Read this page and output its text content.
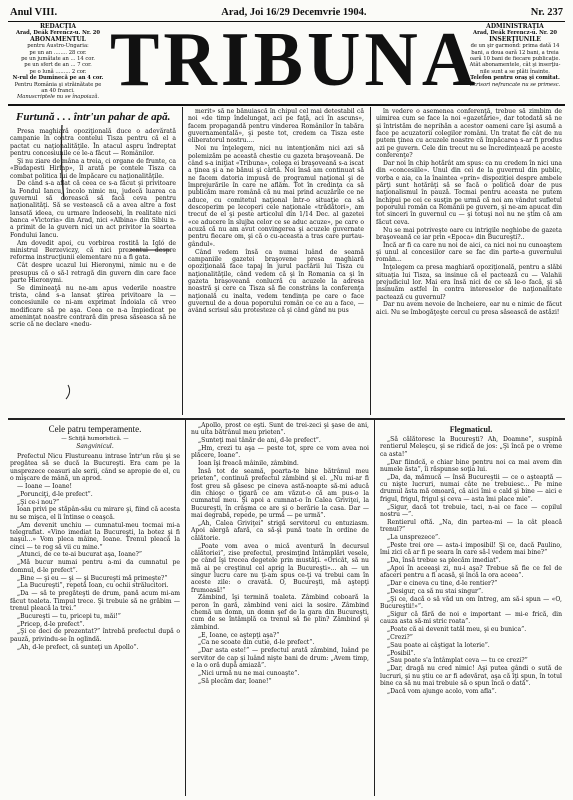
Anul VIII.	Arad, Joi 16/29 Decemvrie 1904.	Nr. 237
REDACŢIA
Arad, Deák Ferencz-u. Nr. 20
ABONAMENTUL
pentru Austro-Ungaria:
pe un an ........ 28 cor.
pe un jumătate an ... 14 cor.
pe un sfert de an ... 7 cor.
pe o lună ......... 2 cor.
N-rul de Duminecă pe an 4 cor.
Pentru România şi străinătate pe
an 40 franci.
Manuscriptele nu se înapoiază. TRIBUNA	ADMINISTRAŢIA
Arad, Deák Ferencz-u. Nr. 20
INSERŢIUNILE
de un şir garmond: prima dată 14
bani, a doua oară 12 bani, a treia
oară 10 bani de fiecare publicaţie.
Atât abonamentele, cât şi inserţiu-
nile sunt a se plăti înainte.
Telefon pentru oraş şi comitat.
Scrisori nefrancate nu se primesc.
Furtună . . . într'un pahar de apă.

Presa maghiară opoziţională duce o adevărată campanie în contra contelui Tisza pentru că el a pactat cu naţionalităţile. În atacul aspru îndreptat pentru concesiunile ce le-a făcut — Românilor.

Şi nu ziare de mâna a treia, ci organe de frunte, ca «Budapesti Hirlap», îl arată pe contele Tisza ca combat politica lui de împăcare cu naţionalităţile.

De când s-a aflat că ceea ce s-a făcut şi privitoare la Fondul Iancu, încolo nimic nu, judecă luarea ca guvernul să dorească să facă ceva pentru naţionalităţi. Să se vestească că a avea altre a fost lansată ideea, cu urmare îndeosebi, în realitate nici banca «Victoria» din Arad, nici «Albina» din Sibiu n-a primit de la guvern nici un act privitor la soartea Fondului Iancu.

Am dovedit apoi, cu vorbirea rostită la Igló de ministrul Berzeviczy, că nici prezentul despre reforma instrucţiunii elementare nu a fi gata.

Cât despre ucazul lui Hieronymi, nimic nu e de presupus că o să-l retragă din guvern din care face parte Hieronymi.

Se dimineaţă nu ne-am apus vederile noastre trista, când s-a lansat ştirea privitoare la — concesiunile ce ni-am exprimat îndoiala că vreo modificare să pe aşa. Ceea ce n-a împiedicat pe ameninţat noastre contrară din presa săseasca să ne scrie că ne declare «nedu-

merit» să ne bănuiască în chipul cel mai detestabil că noi «de timp îndelungat, aci pe faţă, aci în ascuns», facem propagandă pentru vinderea Românilor în tabăra guvernamentală», şi peste tot, credem ca Tisza este eliberatorul nostru....

Noi nu înţelegem, nici nu intenţionăm nici azi să polemizăm pe această chestie cu gazeta braşoveană. De când s-a iniţiat «Tribuna», colega ei braşoveană s-a iscat a ţinea şi a ne bănui şi cârtă. Noi însă am continuat să ne facem datoria impusă de programul naţional şi de împrejurările în care ne aflăm. Tot în credinţa ca să publicăm mare română că nu mai prind acuzările ce ne aduce, cu comitetul naţional într-o situaţie ca să descoperim pe lecoperi cele naţionale «trădători», am trecut de el şi peste articolul din 1/14 Dec. al gazetei «ce aducere în slujba celor ce se aduc acuze», pe care o acuză că nu am avut convingerea şi acuzele guvernate pentru fiecare om, şi că o cu-aceasta a tras care purtau-gândul».

Când vedem însă ca numai luând de seamă campaniile gazetei braşovene presa maghiară opoziţională face tapaj în jurul pactării lui Tisza cu naţionalităţile, când vedem că şi în Romania ca şi în gazeta braşoveană conlucră cu acuzele la adresa noastră şi cere ca Tisza să fie constrâns la conferenţa naţională cu inalta, vedem tendinţa pe care o face guvernul de a doua poporului român ce ce au a face, — având scrisul său protesteze că şi când gând nu pus

în vedere o asemenea conferenţă, trebue să zimbim de uimirea cum se face la noi «gazetărie», dar totodată să ne şi întristăm de neprihăn a acestor oameni care îşi asumă a face pe acuzatorii colegilor români. Un tratat fie cât de nu putem ţinea cu acuzele noastre că împăcarea s-ar fi produs azi pe guvern. Cele din trecut nu se încredinţează pe aceste conferenţe?

Dar noi în chip hotărât am spus: ca nu credem în nici una din «concesiile». Unul din cei de la guvernul din public, vorba e aia, ca la înaintea «prin» dispoziţiei despre ambele părţi sunt hotărâţi să se facă o politică doar de pus naţionalismul în pauză. Tocmai pentru aceasta ne putem închipui pe cei ce susţin pe urmă că noi am vândut sufletul poporului român ca Românii pe guvern, şi ne-am apucat din tot sinceri în guvernul cu — şi totuşi noi nu ne ştim că am făcut ceva.

Nu se mai potriveşte oare cu intrigile neghiobe de gazeta braşoveană ce iar prin «Epoca» din Bucureşti?..

Încă ar fi ca care nu noi de aici, ca nici noi nu cunoaştem şi unul al concesiilor care se fac din parte-a guvernului român...

Înţelegem ca presa maghiară opoziţională, pentru a slăbi situaţia lui Tisza, sa insinue că el pactează cu — Valahii prejudiciul lor. Mai era însă nici de ce să le-o facă, şi să insinuăm astfel în contra intereselor de naţionalitate pactează cu guvernul?

Dar nu avem nevoie de încheiere, ear nu e nimic de făcut aici. Nu se îmbogăţeşte cercul cu presa săsească de astăzi!

Cele patru temperamente.
— Schiţă humoristică. —
Sangvinicul.

Prefectul Nicu Flustureanu intrase într'un rău şi se pregătea să se ducă la Bucureşti. Era cam pe la unsprezece ceasuri ale serii, când se apropie de el, cu o mişcare de mână, un aprod.

— Ioane — Ioane!

„Porunciţi, d-le prefect”.

„Şi ce-i nou?”

Ioan privi pe stăpân-său cu mirare şi, fiind că acesta nu se mişca, el îi întinse o ceaşcă.

„Am devenit unchiu — cumnatul-meu tocmai mi-a telegrafiat. «Vino imediat la Bucureşti, la botez şi fi naşul...» Vom pleca mâine, Ioane. Trenul pleacă la cinci — te rog să vii cu mine.”

„Atunci, de ce te-ai bucurat aşa, Ioane?”

„Mă bucur numai pentru a-mi da cumnatul pe domnul, d-le prefect”.

„Bine — şi eu — şi — şi Bucureşti mă primeşte?”

„La Bucureşti”, repetă Ioan, cu ochii strălucitori.

„Da — să te pregăteşti de drum, pană acum mi-am făcut toaleta. Timpul trece. Şi trebuie să ne grăbim — trenul pleacă la trei.”

„Bucureşti — tu, pricepi tu, măi!”

„Pricep, d-le prefect”.

„Şi ce deci de prezentat?” întrebă prefectul după o pauză, privindu-se în oglindă.

„Ah, d-le prefect, că sunteţi un Apollo”.

„Apollo, prost ce eşti. Sunt de trei-zeci şi şase de ani, nu uita bătrânul meu prieten”.

„Sunteţi mai tânăr de ani, d-le prefect”.

„Hm, crezi tu aşa — peste tot, spre ce vom avea noi plăcere, Ioane”.

Ioan îşi freacă mâinile, zâmbind.

Însă tot de seamă, poarta-te bine bătrânul meu prieten”, continuă prefectul zâmbind şi el. „Nu mi-ar fi fost greu să găsesc pe cineva astă-noapte să-mi aducă din chioşc o ţigară ce am văzut-o că am pus-o la cumnatul meu. Şi apoi a cumnat-o în Calea Griviţei, la Bucureşti, în crâşma ce are şi o berărie la casa. Dar — mai degrabă, repede, pe urmă — pe urmă”.

„Ah, Calea Griviţei” strigă servitorul cu entuziasm. Apoi alergă afară, ca să-şi pună toate în ordine de călătorie.

„Poate vom avea o mică aventură în decursul călătoriei”, zise prefectul, presimţind întâmplări vesele, pe când îşi trecea degetele prin mustăţi. «Oricât, să nu mă ai pe creştinul cel aprig la Bucureşti»... ah — un singur lucru care nu ţi-am spus ce-ţi va trebui cam în aceste zile: o cravată. O, Bucureşti, mă aştepţi frumoasă!”

Zâmbind, îşi termină toaleta. Zâmbind coboară la peron în gară, zâmbind veni aici la sosire. Zâmbind chemă un domn, un domn şef de la gara din Bucureşti, cum de se întâmplă ca trenul să fie plin? Zâmbind şi zâmbind.

„E, Ioane, ce aştepţi aşa?”

„Ca ne scoate din cutie, d-le prefect”.

„Dar asta este!” — prefectul arată zâmbind, luând pe servitor de cap şi luând nişte bani de drum: „Avem timp, e la o oră după amiază”.

„Nici urmă nu ne mai cunoaşte”.

„Să plecăm dar, Ioane!”

Flegmaticul.

„Să călătoresc la Bucureşti? Ah, Doamne”, suspină rentierul Meleşcu, şi se ridică de jos: „Şi încă pe o vreme ca asta!”

„Dar fiindcă, e chiar bine pentru noi ca mai avem din numele ăsta”, îi răspunse soţia lui.

„Da, da, mămucă — însă Bucureştii — ce o aşteaptă — cu nişte lucruri, numai câte ne trebuiesc... Pe mine drumul ăsta mă omoară, că aici îmi e cald şi bine — aici e frigul, frigul, frigul şi ceva — asta îmi place mie”.

„Sigur, dacă tot trebuie, taci, n-ai ce face — copilul nostru —”.

Rentierul oftă. „Na, din partea-mi — la cât pleacă trenul?”

„La unsprezece”.

„Peste trei ore — asta-i imposibil! Şi ce, dacă Paulino, îmi zici că ar fi pe seara în care să-l vedem mai bine?”

„Da, însă trebue sa plecăm imediat”.

„Apoi în aceeaşi zi, nu-i aşa? Trebue să fie ce fel de afaceri pentru a fi acasă, şi încă la ora aceea”.

„Dar e cineva cu tine, d-le rentier?”

„Desigur, ca să nu stai singur”.

„Şi ce, dacă o să văd un om întreg, am să-i spun — «O, Bucureştii!»”.

„Sigur că fără de noi e important — mi-e frică, din cauza asta să-mi stric roata”.

„Poate că ai devenit tatăl meu, şi eu bunica”.

„Crezi?”

„Sau poate ai câştigat la loterie”.

„Posibil”.

„Sau poate s'a întâmplat ceva — tu ce crezi?”

„Dar, dragă nu cred nimic! Aşi putea gândi o sută de lucruri, şi nu ştiu ce ar fi adevărat, aşa că îţi spun, în totul bine ca să nu mai trebuie să o spun încă o dată”.

„Dacă vom ajunge acolo, vom afla”.
